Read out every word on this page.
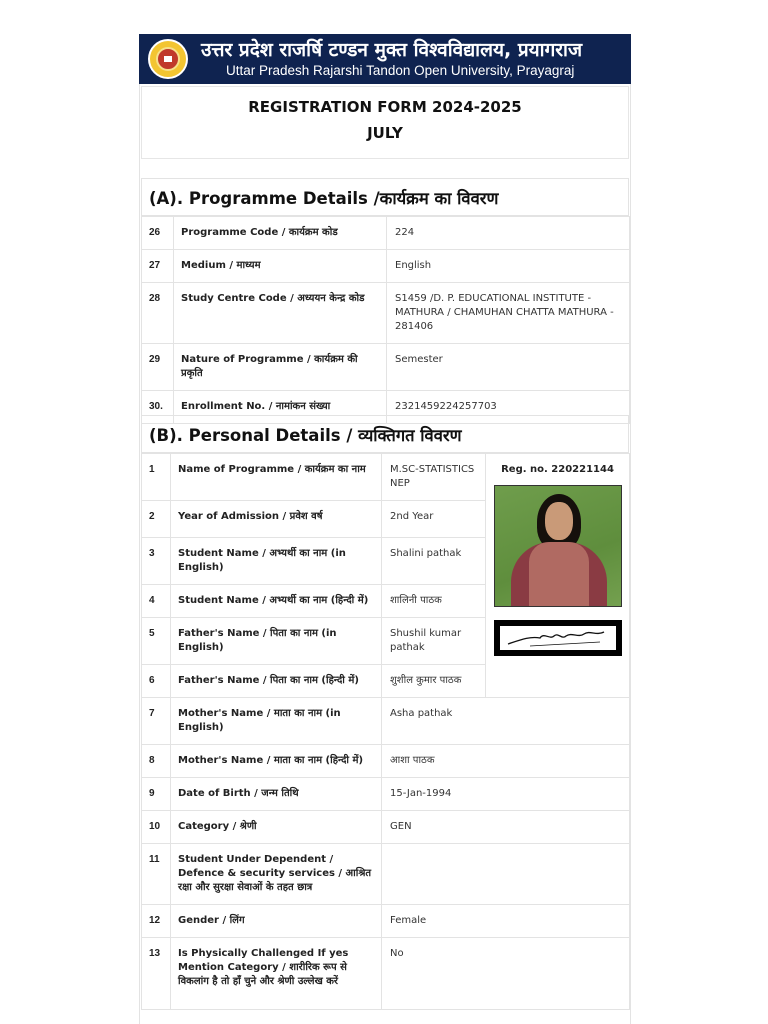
उत्तर प्रदेश राजर्षि टण्डन मुक्त विश्वविद्यालय, प्रयागराज
Uttar Pradesh Rajarshi Tandon Open University, Prayagraj
REGISTRATION FORM 2024-2025
JULY
(A). Programme Details /कार्यक्रम का विवरण
26	Programme Code / कार्यक्रम कोड	224
27	Medium / माध्यम	English
28	Study Centre Code / अध्ययन केन्द्र कोड	S1459 /D. P. EDUCATIONAL INSTITUTE - MATHURA / CHAMUHAN CHATTA MATHURA - 281406
29	Nature of Programme / कार्यक्रम की प्रकृति	Semester
30.	Enrollment No. / नामांकन संख्या	2321459224257703
(B). Personal Details / व्यक्तिगत विवरण
1	Name of Programme / कार्यक्रम का नाम	M.SC-STATISTICS NEP	Reg. no. 220221144

2	Year of Admission / प्रवेश वर्ष	2nd Year	
3	Student Name / अभ्यर्थी का नाम (in English)	Shalini pathak	
4	Student Name / अभ्यर्थी का नाम (हिन्दी में)	शालिनी पाठक	
5	Father's Name / पिता का नाम (in English)	Shushil kumar pathak	
6	Father's Name / पिता का नाम (हिन्दी में)	शुशील कुमार पाठक	
7	Mother's Name / माता का नाम (in English)	Asha pathak	
8	Mother's Name / माता का नाम (हिन्दी में)	आशा पाठक	
9	Date of Birth / जन्म तिथि	15-Jan-1994	
10	Category / श्रेणी	GEN	
11	Student Under Dependent / Defence & security services / आश्रित रक्षा और सुरक्षा सेवाओं के तहत छात्र		
12	Gender / लिंग	Female	
13	Is Physically Challenged If yes Mention Category / शारीरिक रूप से विकलांग है तो हाँ चुने और श्रेणी उल्लेख करें	No	
